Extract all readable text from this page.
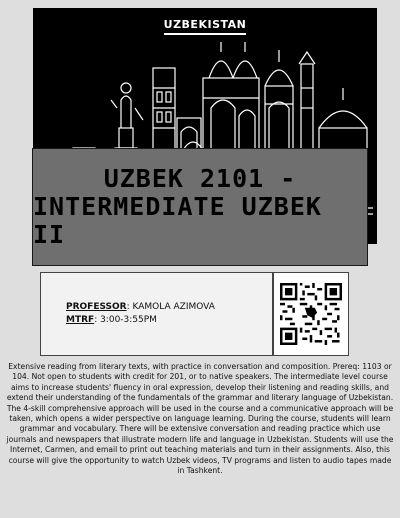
UZBEKISTAN
UZBEK 2101 -
INTERMEDIATE UZBEK II
PROFESSOR: KAMOLA AZIMOVA
MTRF: 3:00-3:55PM

Extensive reading from literary texts, with practice in conversation and composition. Prereq: 1103 or 104. Not open to students with credit for 201, or to native speakers. The intermediate level course aims to increase students' fluency in oral expression, develop their listening and reading skills, and extend their understanding of the fundamentals of the grammar and literary language of Uzbekistan. The 4-skill comprehensive approach will be used in the course and a communicative approach will be taken, which opens a wider perspective on language learning. During the course, students will learn grammar and vocabulary. There will be extensive conversation and reading practice which use journals and newspapers that illustrate modern life and language in Uzbekistan. Students will use the Internet, Carmen, and email to print out teaching materials and turn in their assignments. Also, this course will give the opportunity to watch Uzbek videos, TV programs and listen to audio tapes made in Tashkent.
